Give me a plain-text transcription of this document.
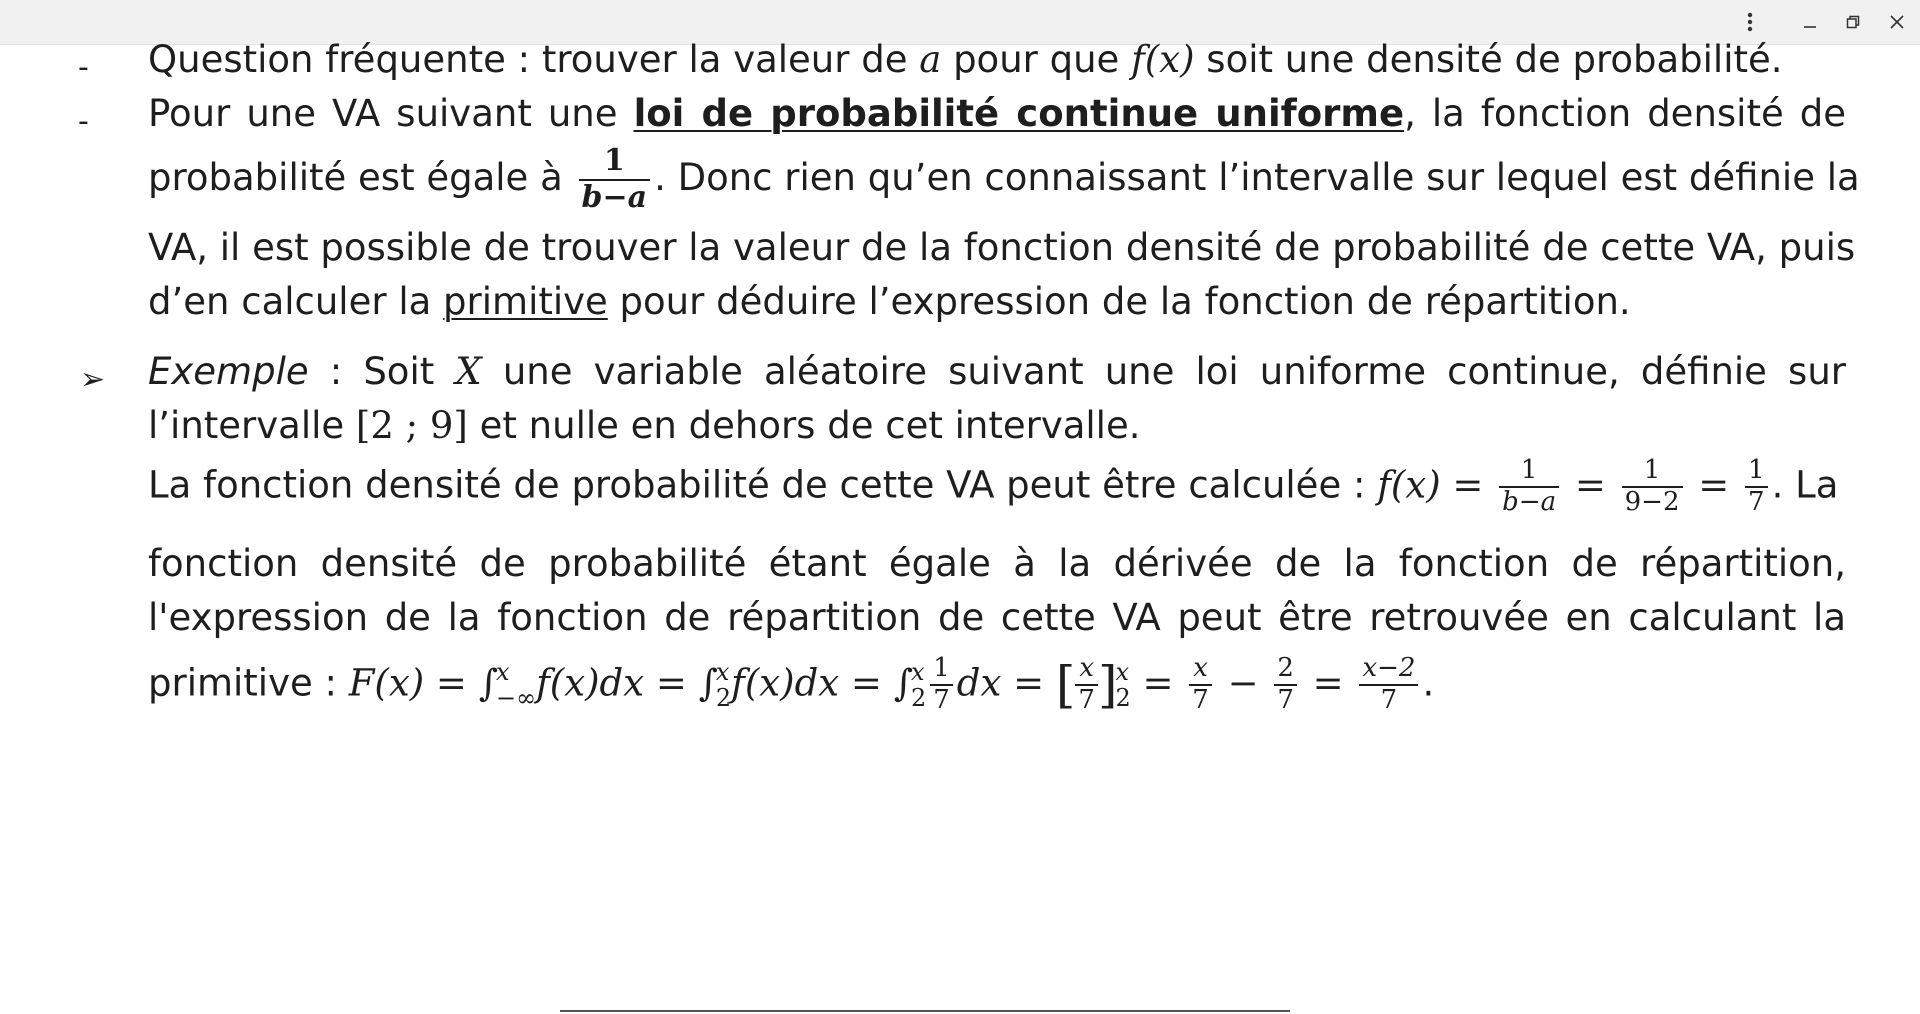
- Question fréquente : trouver la valeur de a pour que f(x) soit une densité de probabilité.
- Pour une VA suivant une loi de probabilité continue uniforme, la fonction densité de
probabilité est égale à $\frac{1}{b-a}$ . Donc rien qu’en connaissant l’intervalle sur lequel est définie la
VA, il est possible de trouver la valeur de la fonction densité de probabilité de cette VA, puis
d’en calculer la primitive pour déduire l’expression de la fonction de répartition.
➢ Exemple : Soit X une variable aléatoire suivant une loi uniforme continue, définie sur
l’intervalle [2 ; 9] et nulle en dehors de cet intervalle.
La fonction densité de probabilité de cette VA peut être calculée : $f(x) = \frac{1}{b-a} = \frac{1}{9-2} = \frac{1}{7}$ . La
fonction densité de probabilité étant égale à la dérivée de la fonction de répartition,
l'expression de la fonction de répartition de cette VA peut être retrouvée en calculant la
primitive : F(x) = ∫
x
−∞ f(x)dx = ∫
x
2 f(x)dx = ∫
x
$2 \frac{1}{7}$ dx = [ $\frac{x}{7}$ ]
x
$2 = \frac{x}{7} - \frac{2}{7} = \frac{x-2}{7}$ .
